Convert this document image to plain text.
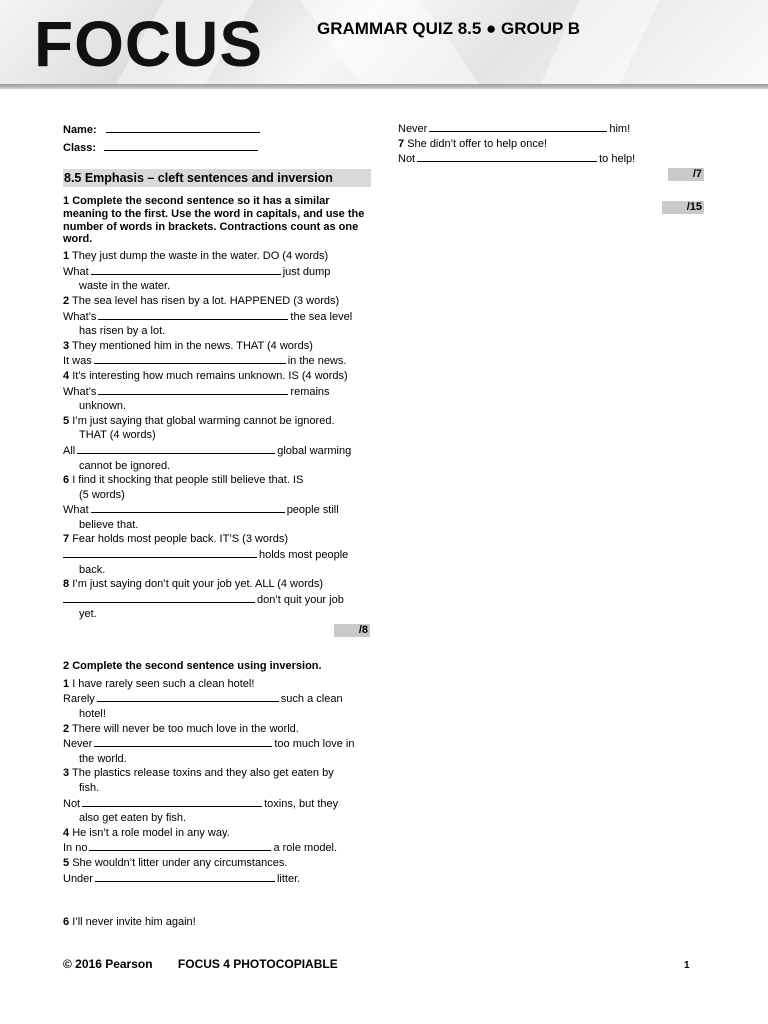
FOCUS	GRAMMAR QUIZ 8.5 ● GROUP B
Name:
Class:
8.5 Emphasis – cleft sentences and inversion
1 Complete the second sentence so it has a similar meaning to the first. Use the word in capitals, and use the number of words in brackets. Contractions count as one word.
1 They just dump the waste in the water. DO (4 words)
What	just dump
waste in the water.
2 The sea level has risen by a lot. HAPPENED (3 words)
What’s	the sea level
has risen by a lot.
3 They mentioned him in the news. THAT (4 words)
It was	in the news.
4 It’s interesting how much remains unknown. IS (4 words)
What’s	remains
unknown.
5 I’m just saying that global warming cannot be ignored.
THAT (4 words)
All	global warming
cannot be ignored.
6 I find it shocking that people still believe that. IS
(5 words)
What	people still
believe that.
7 Fear holds most people back. IT’S (3 words)
holds most people
back.
8 I’m just saying don’t quit your job yet. ALL (4 words)
don’t quit your job
yet.
/8
2 Complete the second sentence using inversion.
1 I have rarely seen such a clean hotel!
Rarely	such a clean
hotel!
2 There will never be too much love in the world.
Never	too much love in
the world.
3 The plastics release toxins and they also get eaten by
fish.
Not	toxins, but they
also get eaten by fish.
4 He isn’t a role model in any way.
In no	a role model.
5 She wouldn’t litter under any circumstances.
Under	litter.
6 I’ll never invite him again!
Never	him!
7 She didn’t offer to help once!
Not	to help!
/7
/15
© 2016 Pearson FOCUS 4 PHOTOCOPIABLE	1
